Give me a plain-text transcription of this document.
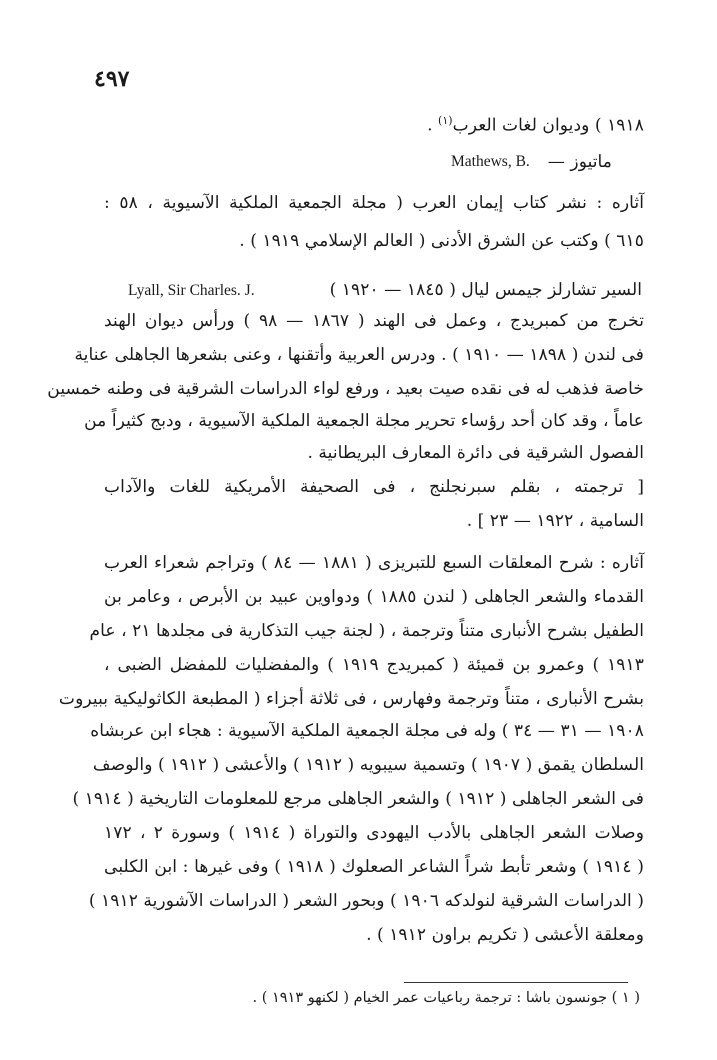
٤٩٧
١٩١٨ ) وديوان لغات العرب$^{(١)}$ .
ماتيوز —
Mathews, B.
آثاره : نشر كتاب إيمان العرب ( مجلة الجمعية الملكية الآسيوية ، ٥٨ :
٦١٥ ) وكتب عن الشرق الأدنى ( العالم الإسلامي ١٩١٩ ) .
السير تشارلز جيمس ليال ( ١٨٤٥ — ١٩٢٠ )
Lyall, Sir Charles. J.
تخرج من كمبريدج ، وعمل فى الهند ( ١٨٦٧ — ٩٨ ) ورأس ديوان الهند
فى لندن ( ١٨٩٨ — ١٩١٠ ) . ودرس العربية وأتقنها ، وعنى بشعرها الجاهلى عناية
خاصة فذهب له فى نقده صيت بعيد ، ورفع لواء الدراسات الشرقية فى وطنه خمسين
عاماً ، وقد كان أحد رؤساء تحرير مجلة الجمعية الملكية الآسيوية ، ودبج كثيراً من
الفصول الشرقية فى دائرة المعارف البريطانية .
[ ترجمته ، بقلم سبرنجلنج ، فى الصحيفة الأمريكية للغات والآداب
السامية ، ١٩٢٢ — ٢٣ ] .
آثاره : شرح المعلقات السبع للتبريزى ( ١٨٨١ — ٨٤ ) وتراجم شعراء العرب
القدماء والشعر الجاهلى ( لندن ١٨٨٥ ) ودواوين عبيد بن الأبرص ، وعامر بن
الطفيل بشرح الأنبارى متناً وترجمة ، ( لجنة جيب التذكارية فى مجلدها ٢١ ، عام
١٩١٣ ) وعمرو بن قميئة ( كمبريدج ١٩١٩ ) والمفضليات للمفضل الضبى ،
بشرح الأنبارى ، متناً وترجمة وفهارس ، فى ثلاثة أجزاء ( المطبعة الكاثوليكية ببيروت
١٩٠٨ — ٣١ — ٣٤ ) وله فى مجلة الجمعية الملكية الآسيوية : هجاء ابن عربشاه
السلطان يقمق ( ١٩٠٧ ) وتسمية سيبويه ( ١٩١٢ ) والأعشى ( ١٩١٢ ) والوصف
فى الشعر الجاهلى ( ١٩١٢ ) والشعر الجاهلى مرجع للمعلومات التاريخية ( ١٩١٤ )
وصلات الشعر الجاهلى بالأدب اليهودى والتوراة ( ١٩١٤ ) وسورة ٢ ، ١٧٢
( ١٩١٤ ) وشعر تأبط شراً الشاعر الصعلوك ( ١٩١٨ ) وفى غيرها : ابن الكلبى
( الدراسات الشرقية لنولدكه ١٩٠٦ ) وبحور الشعر ( الدراسات الآشورية ١٩١٢ )
ومعلقة الأعشى ( تكريم براون ١٩١٢ ) .
( ١ ) جونسون باشا : ترجمة رباعيات عمر الخيام ( لكنهو ١٩١٣ ) .
